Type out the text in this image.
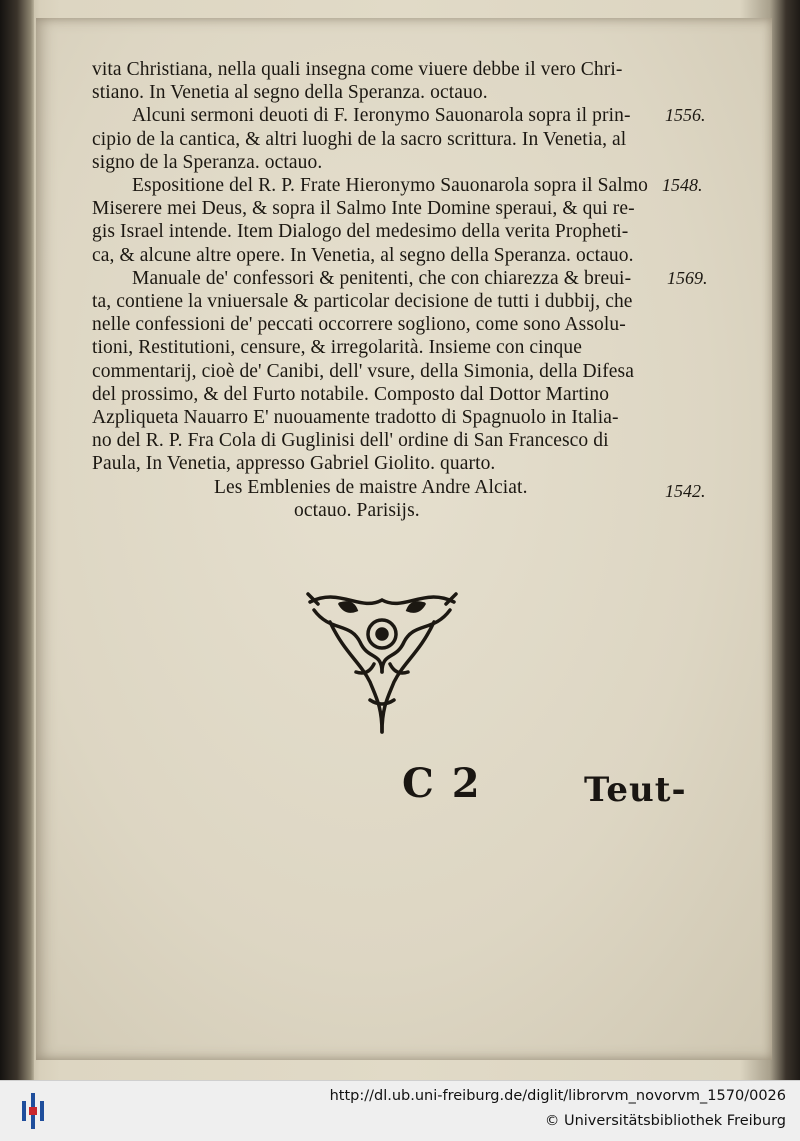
vita Christiana, nella quali insegna come viuere debbe il vero Chri-
stiano. In Venetia al segno della Speranza. octauo.
Alcuni sermoni deuoti di F. Ieronymo Sauonarola sopra il prin-
cipio de la cantica, & altri luoghi de la sacro scrittura. In Venetia, al
signo de la Speranza. octauo.
Espositione del R. P. Frate Hieronymo Sauonarola sopra il Salmo
Miserere mei Deus, & sopra il Salmo Inte Domine speraui, & qui re-
gis Israel intende. Item Dialogo del medesimo della verita Propheti-
ca, & alcune altre opere. In Venetia, al segno della Speranza. octauo.
Manuale de' confessori & penitenti, che con chiarezza & breui-
ta, contiene la vniuersale & particolar decisione de tutti i dubbij, che
nelle confessioni de' peccati occorrere sogliono, come sono Assolu-
tioni, Restitutioni, censure, & irregolarità. Insieme con cinque
commentarij, cioè de' Canibi, dell' vsure, della Simonia, della Difesa
del prossimo, & del Furto notabile. Composto dal Dottor Martino
Azpliqueta Nauarro E' nuouamente tradotto di Spagnuolo in Italia-
no del R. P. Fra Cola di Guglinisi dell' ordine di San Francesco di
Paula, In Venetia, appresso Gabriel Giolito. quarto.
Les Emblenies de maistre Andre Alciat.
octauo. Parisijs.
1556.
1548.
1569.
1542.
C 2	Teut-
http://dl.ub.uni-freiburg.de/diglit/librorvm_novorvm_1570/0026
© Universitätsbibliothek Freiburg
